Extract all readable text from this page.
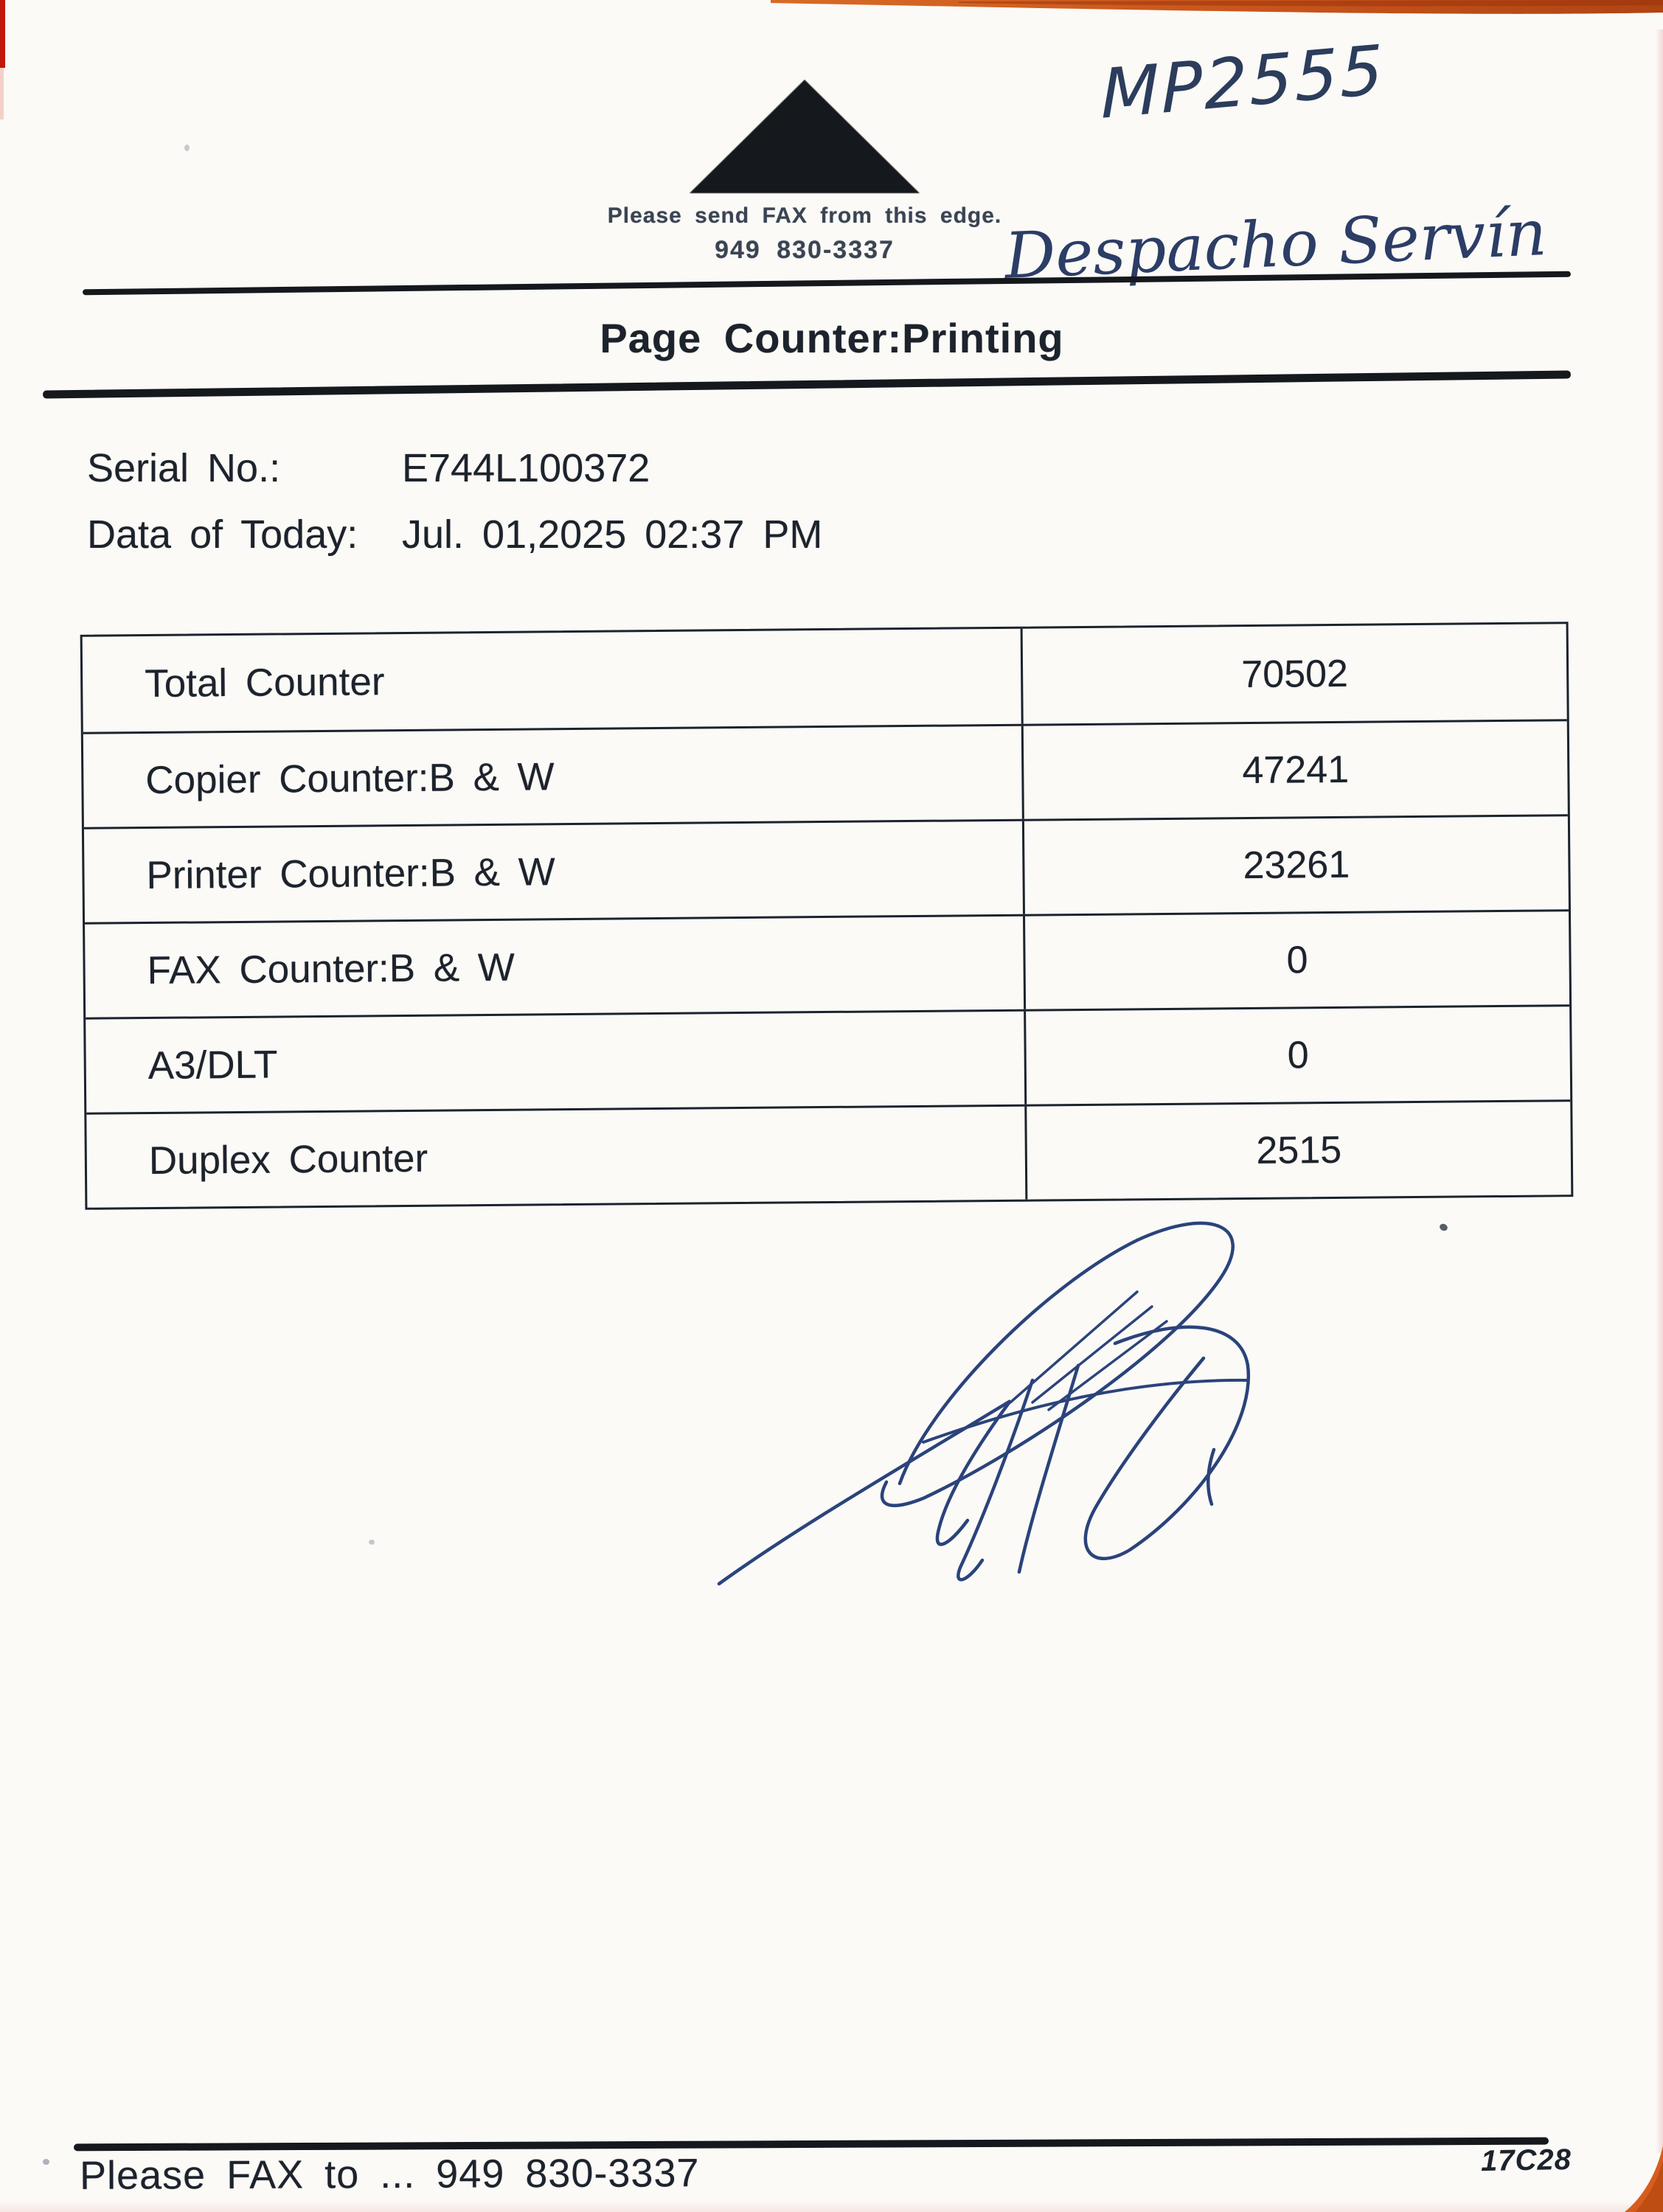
MP2555
Despacho Servín
Please send FAX from this edge.
949 830-3337
Page Counter:Printing
Serial No.:	E744L100372
Data of Today: Jul. 01,2025 02:37 PM
Total Counter	70502
Copier Counter:B & W	47241
Printer Counter:B & W	23261
FAX Counter:B & W	0
A3/DLT	0
Duplex Counter	2515
Please FAX to ... 949 830-3337	17C28
